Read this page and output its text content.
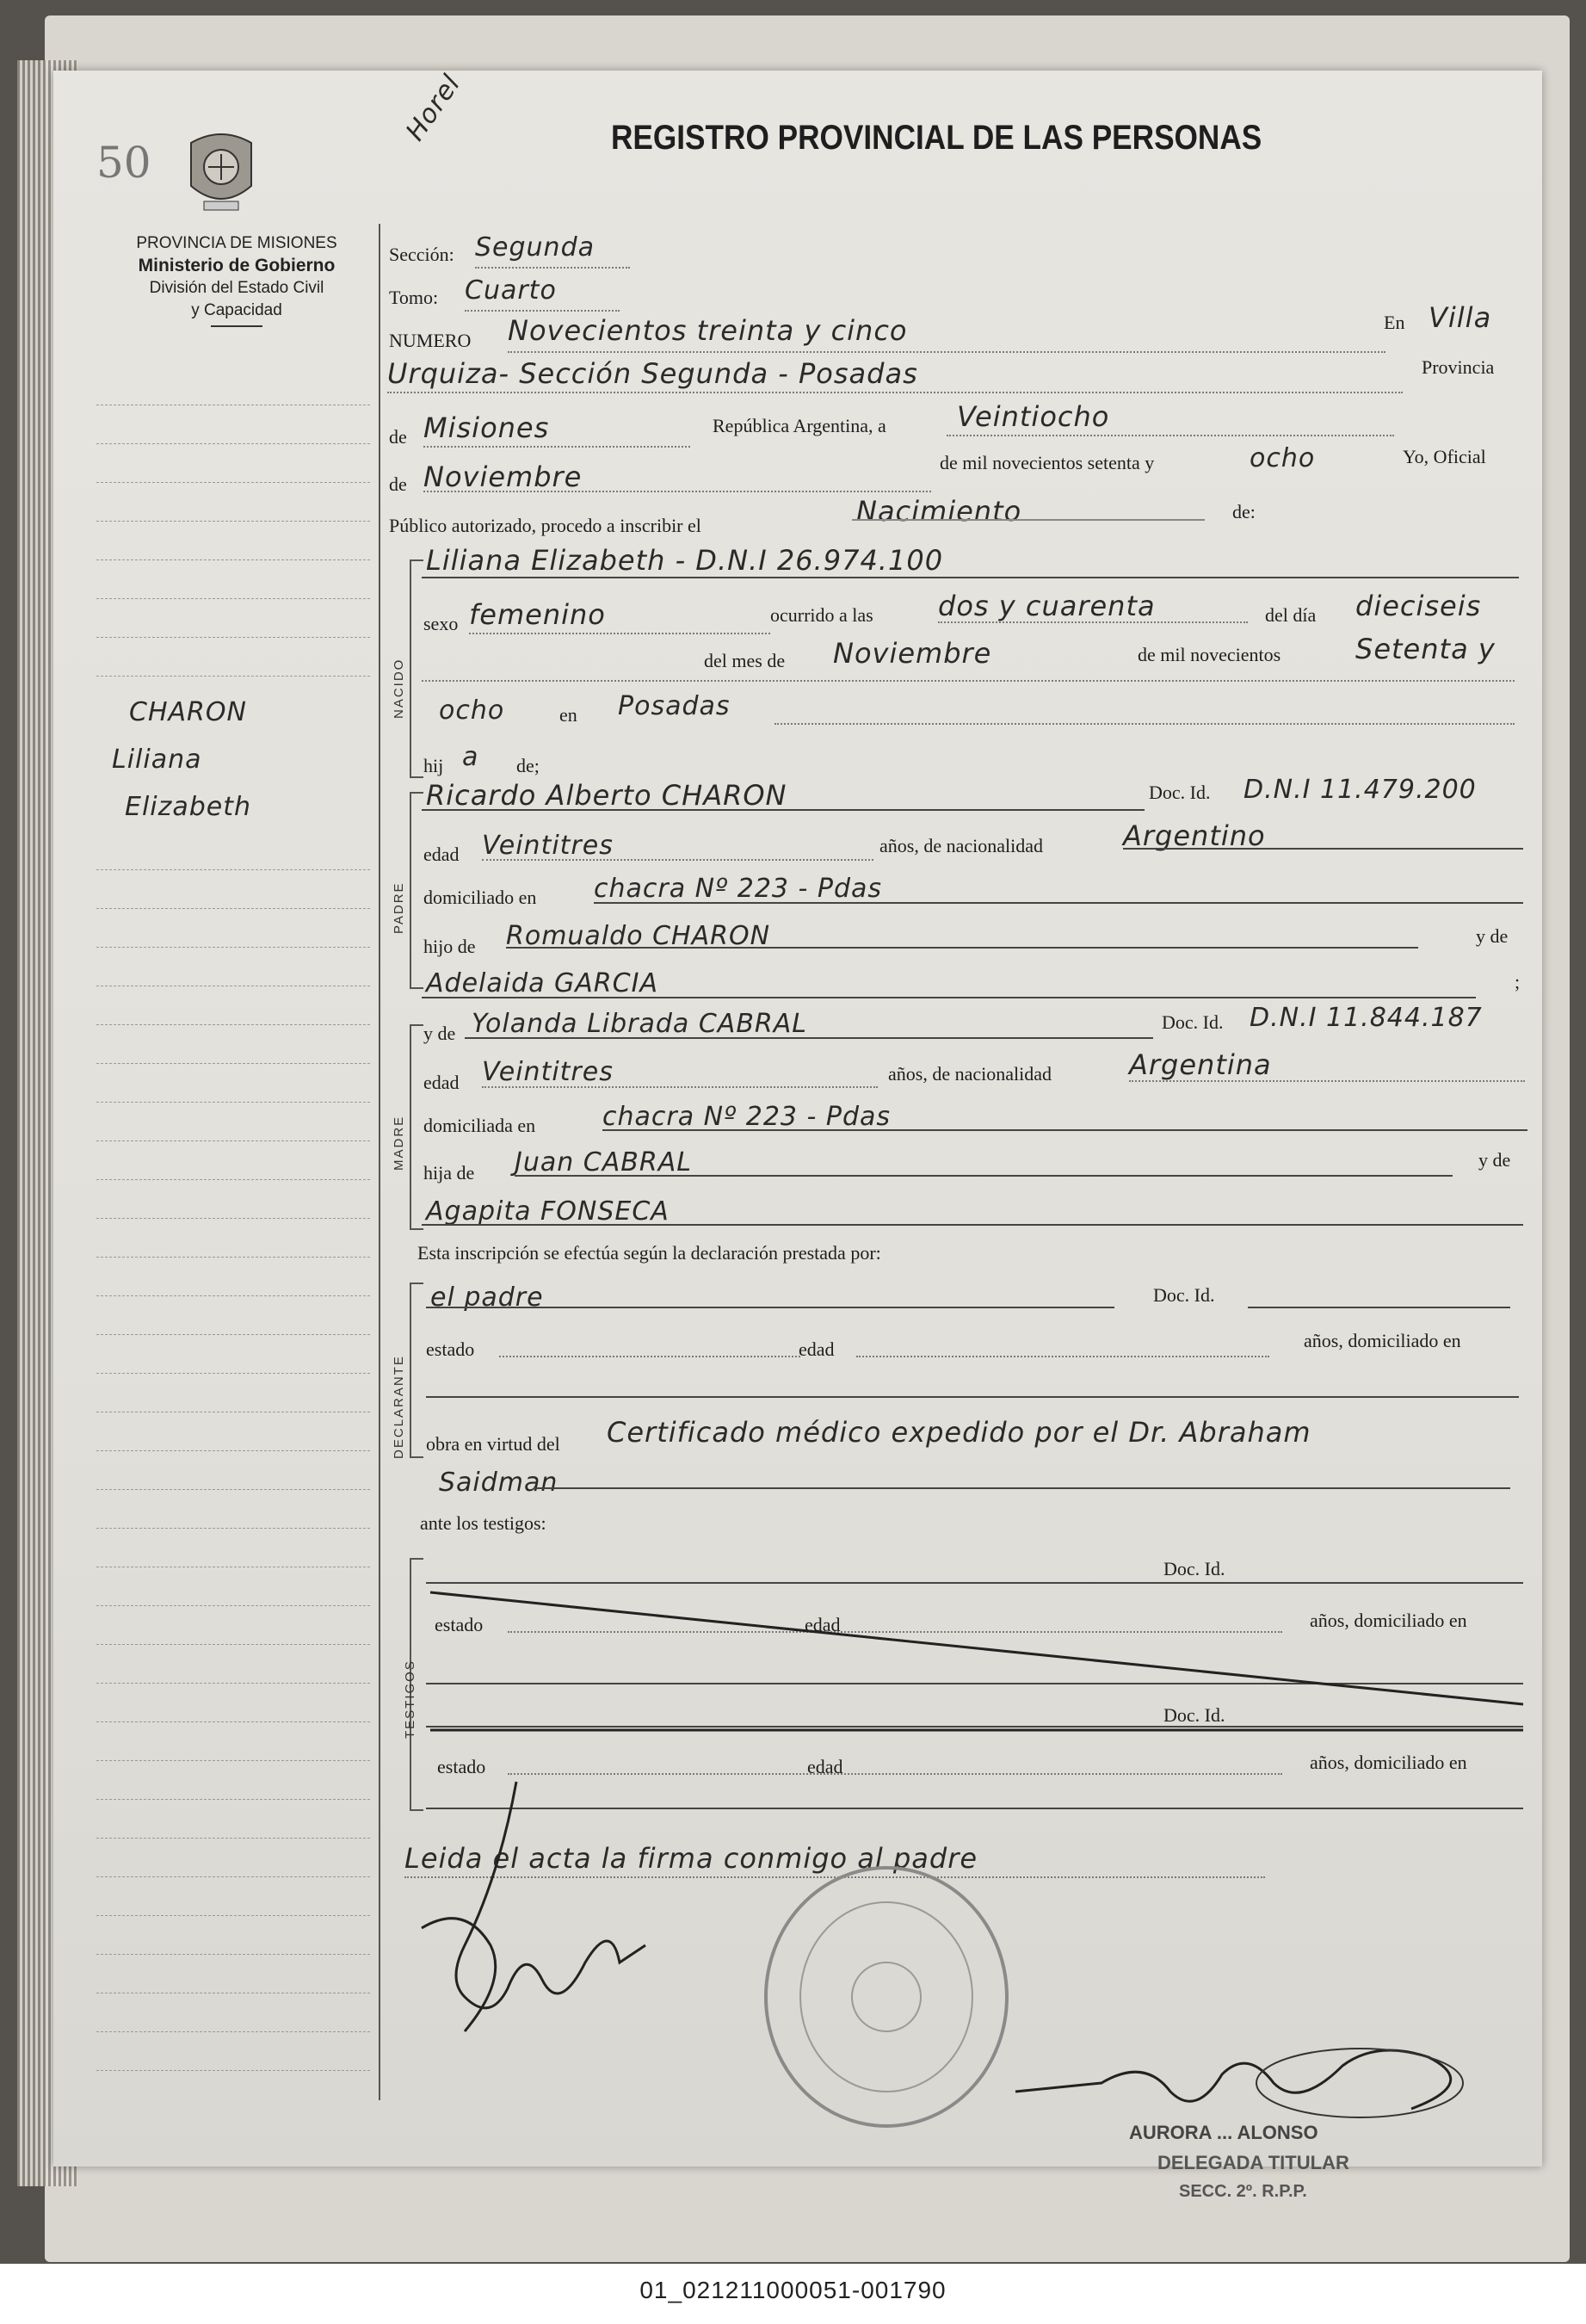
50
Horel	REGISTRO PROVINCIAL DE LAS PERSONAS
PROVINCIA DE MISIONES
Ministerio de Gobierno
División del Estado Civil
y Capacidad
CHARON
Liliana
Elizabeth
Sección: Segunda
Tomo: Cuarto
NUMERO Novecientos treinta y cinco	En Villa
Urquiza- Sección Segunda - Posadas	Provincia
de Misiones	República Argentina, a	Veintiocho
de Noviembre	de mil novecientos setenta y	ocho	Yo, Oficial
Público autorizado, procedo a inscribir el	Nacimiento	de:
NACIDO
Liliana Elizabeth - D.N.I 26.974.100
sexo femenino	ocurrido a las dos y cuarenta	del día dieciseis
del mes de Noviembre	de mil novecientos	Setenta y
ocho	en Posadas
hij a de;
PADRE
Ricardo Alberto CHARON	Doc. Id. D.N.I 11.479.200
edad Veintitres	años, de nacionalidad	Argentino
domiciliado en chacra Nº 223 - Pdas
hijo de Romualdo CHARON	y de
Adelaida GARCIA	;
MADRE
y de Yolanda Librada CABRAL	Doc. Id. D.N.I 11.844.187
edad Veintitres	años, de nacionalidad	Argentina
domiciliada en	chacra Nº 223 - Pdas
hija de Juan CABRAL	y de
Agapita FONSECA
Esta inscripción se efectúa según la declaración prestada por:
DECLARANTE
el padre	Doc. Id.
estado	edad	años, domiciliado en
obra en virtud del Certificado médico expedido por el Dr. Abraham
Saidman
ante los testigos:
TESTIGOS
Doc. Id.
estado	edad	años, domiciliado en
Doc. Id.
estado	edad	años, domiciliado en
Leida el acta la firma conmigo al padre
AURORA ... ALONSO
DELEGADA TITULAR
SECC. 2º. R.P.P.
01_021211000051-001790
